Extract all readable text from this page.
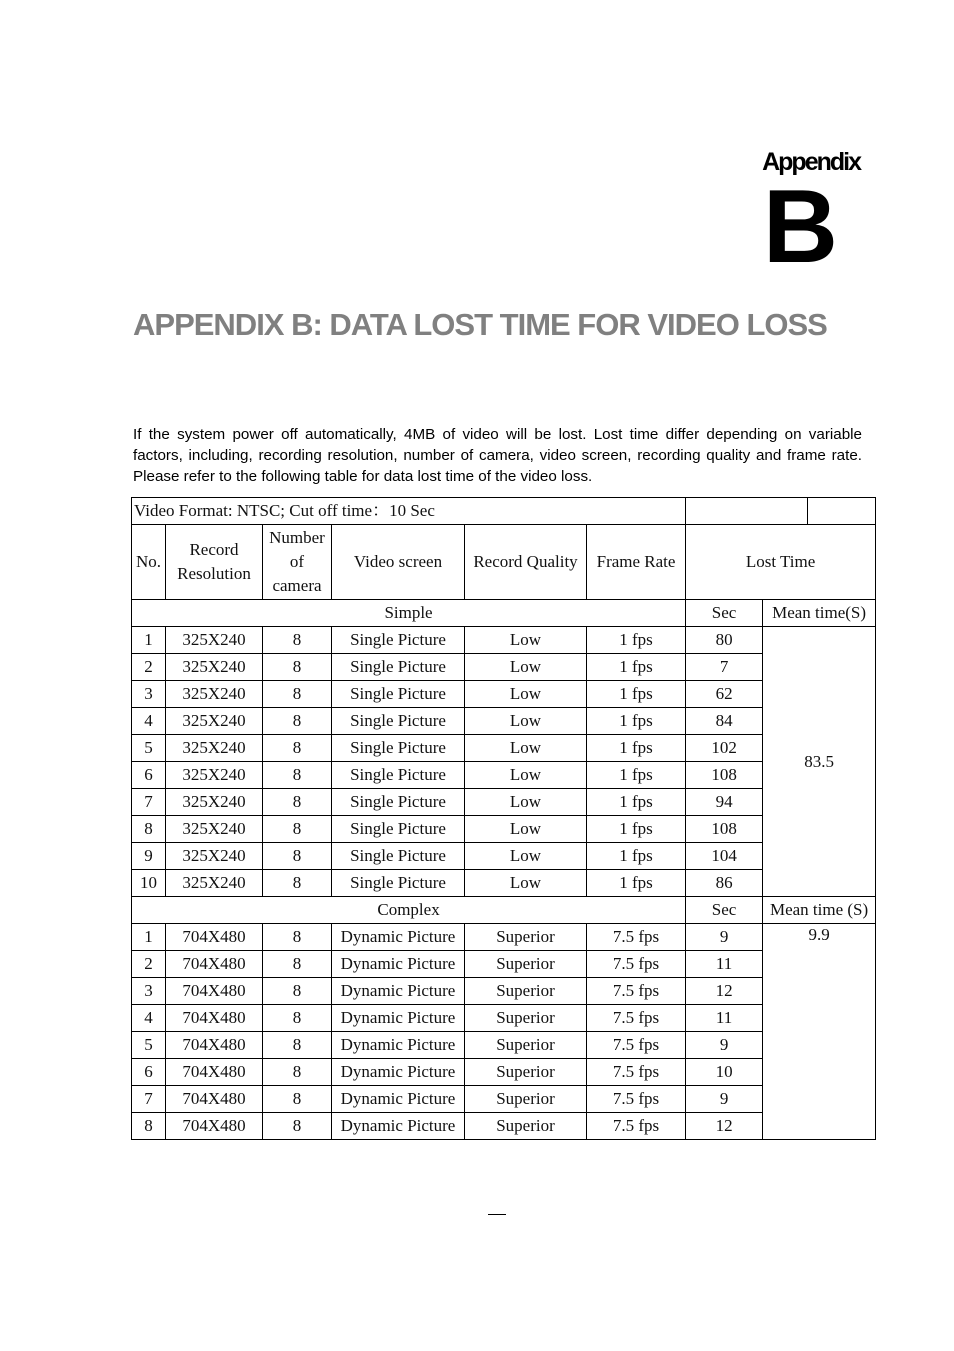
Appendix
B
APPENDIX B: DATA LOST TIME FOR VIDEO LOSS

If the system power off automatically, 4MB of video will be lost. Lost time differ depending on variable factors, including, recording resolution, number of camera, video screen, recording quality and frame rate. Please refer to the following table for data lost time of the video loss.

Video Format: NTSC; Cut off time：10 Sec								
No.	Record Resolution	Number of camera	Video screen	Record Quality	Frame Rate	Lost Time		
Simple						Sec	Mean time(S)	
1	325X240	8	Single Picture	Low	1 fps	80	83.5	
2	325X240	8	Single Picture	Low	1 fps	7		
3	325X240	8	Single Picture	Low	1 fps	62		
4	325X240	8	Single Picture	Low	1 fps	84		
5	325X240	8	Single Picture	Low	1 fps	102		
6	325X240	8	Single Picture	Low	1 fps	108		
7	325X240	8	Single Picture	Low	1 fps	94		
8	325X240	8	Single Picture	Low	1 fps	108		
9	325X240	8	Single Picture	Low	1 fps	104		
10	325X240	8	Single Picture	Low	1 fps	86		
Complex						Sec	Mean time (S)	
1	704X480	8	Dynamic Picture	Superior	7.5 fps	9	9.9	
2	704X480	8	Dynamic Picture	Superior	7.5 fps	11		
3	704X480	8	Dynamic Picture	Superior	7.5 fps	12		
4	704X480	8	Dynamic Picture	Superior	7.5 fps	11		
5	704X480	8	Dynamic Picture	Superior	7.5 fps	9		
6	704X480	8	Dynamic Picture	Superior	7.5 fps	10		
7	704X480	8	Dynamic Picture	Superior	7.5 fps	9		
8	704X480	8	Dynamic Picture	Superior	7.5 fps	12		
